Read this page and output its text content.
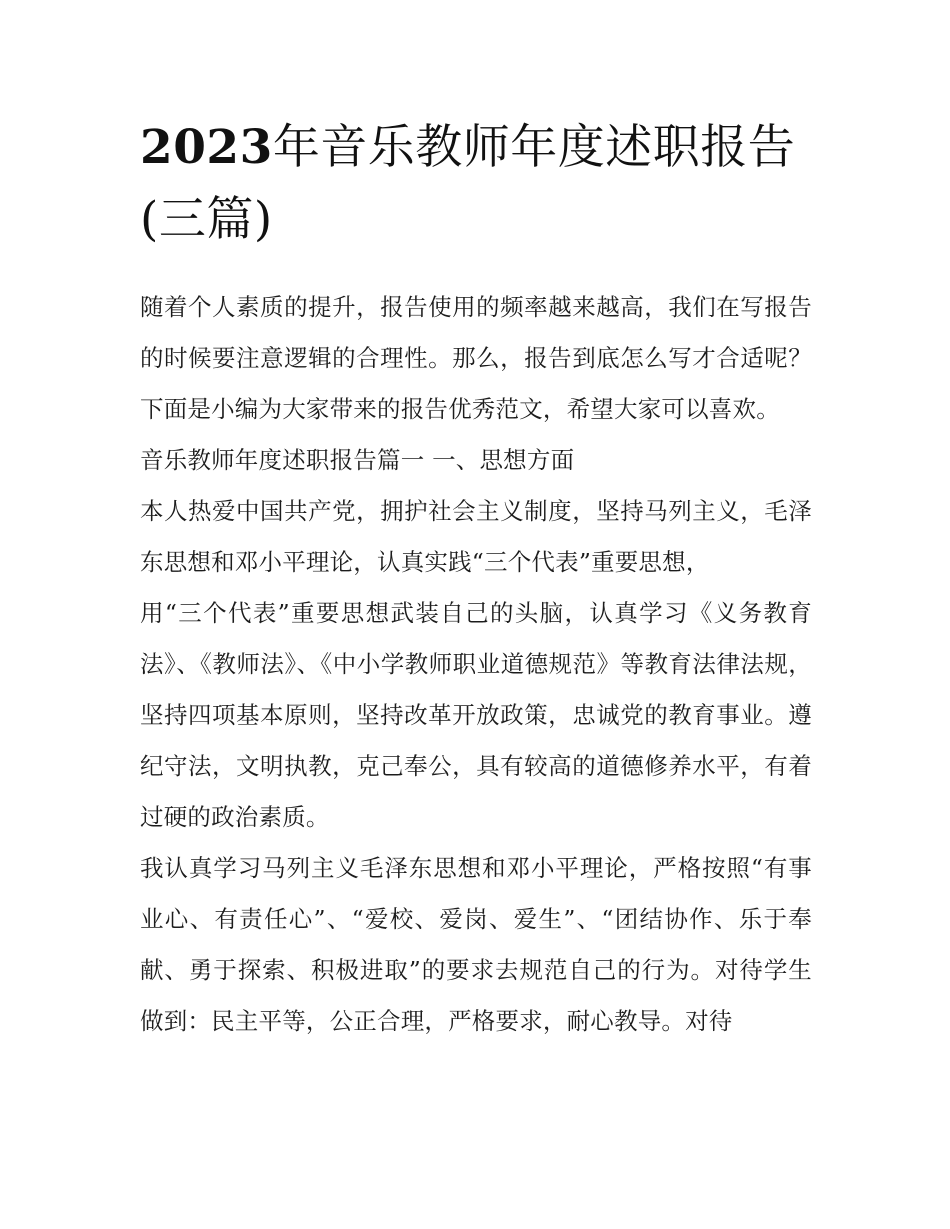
2023年音乐教师年度述职报告(三篇)

随着个人素质的提升，报告使用的频率越来越高，我们在写报告的时候要注意逻辑的合理性。那么，报告到底怎么写才合适呢？下面是小编为大家带来的报告优秀范文，希望大家可以喜欢。

音乐教师年度述职报告篇一 一、思想方面

本人热爱中国共产党，拥护社会主义制度，坚持马列主义，毛泽东思想和邓小平理论，认真实践“三个代表”重要思想，

用“三个代表”重要思想武装自己的头脑，认真学习《义务教育法》、《教师法》、《中小学教师职业道德规范》等教育法律法规，坚持四项基本原则，坚持改革开放政策，忠诚党的教育事业。遵纪守法，文明执教，克己奉公，具有较高的道德修养水平，有着过硬的政治素质。

我认真学习马列主义毛泽东思想和邓小平理论，严格按照“有事业心、有责任心”、“爱校、爱岗、爱生”、“团结协作、乐于奉献、勇于探索、积极进取”的要求去规范自己的行为。对待学生做到：民主平等，公正合理，严格要求，耐心教导。对待
